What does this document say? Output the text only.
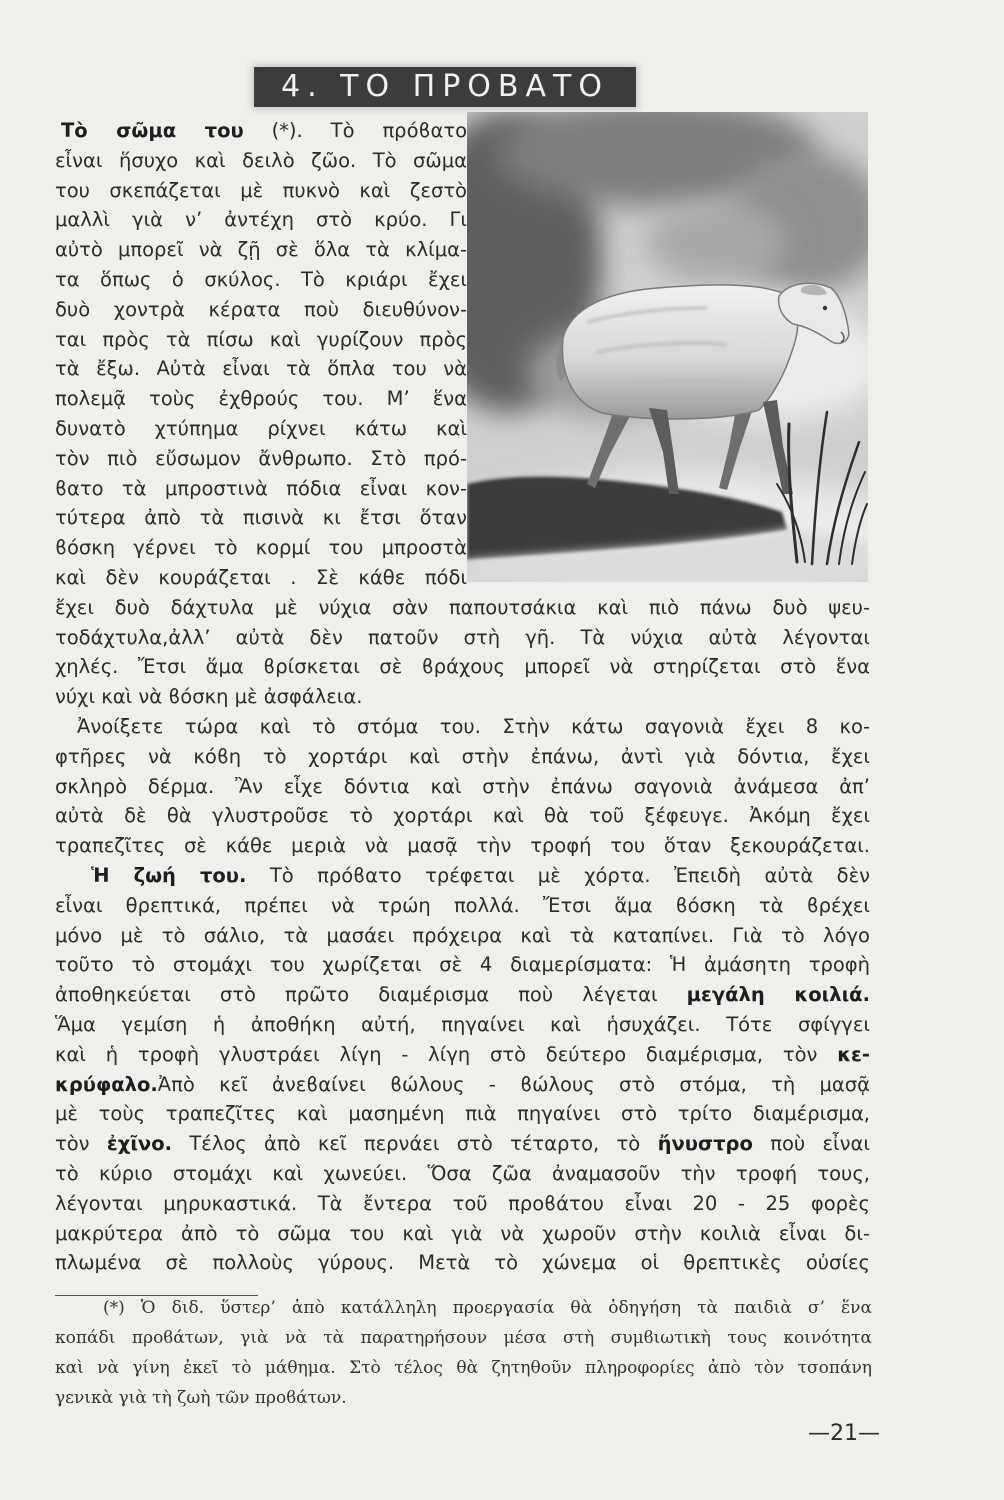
4. ΤΟ ΠΡΟΒΑΤΟ
Τὸ σῶμα του (*). Τὸ πρόϐατο
εἶναι ἥσυχο καὶ δειλὸ ζῶο. Τὸ σῶμα
του σκεπάζεται μὲ πυκνὸ καὶ ζεστὸ
μαλλὶ γιὰ ν’ ἀντέχη στὸ κρύο. Γι
αὐτὸ μπορεῖ νὰ ζῇ σὲ ὅλα τὰ κλίμα-
τα ὅπως ὁ σκύλος. Τὸ κριάρι ἔχει
δυὸ χοντρὰ κέρατα ποὺ διευθύνον-
ται πρὸς τὰ πίσω καὶ γυρίζουν πρὸς
τὰ ἔξω. Αὐτὰ εἶναι τὰ ὅπλα του νὰ
πολεμᾷ τοὺς ἐχθρούς του. Μ’ ἕνα
δυνατὸ χτύπημα ρίχνει κάτω καὶ
τὸν πιὸ εὔσωμον ἄνθρωπο. Στὸ πρό-
ϐατο τὰ μπροστινὰ πόδια εἶναι κον-
τύτερα ἀπὸ τὰ πισινὰ κι ἔτσι ὅταν
ϐόσκη γέρνει τὸ κορμί του μπροστὰ
καὶ δὲν κουράζεται . Σὲ κάθε πόδι
ἔχει δυὸ δάχτυλα μὲ νύχια σὰν παπουτσάκια καὶ πιὸ πάνω δυὸ ψευ-
τοδάχτυλα,ἀλλ’ αὐτὰ δὲν πατοῦν στὴ γῆ. Τὰ νύχια αὐτὰ λέγονται
χηλές. Ἔτσι ἅμα ϐρίσκεται σὲ ϐράχους μπορεῖ νὰ στηρίζεται στὸ ἕνα
νύχι καὶ νὰ ϐόσκη μὲ ἀσφάλεια.
Ἀνοίξετε τώρα καὶ τὸ στόμα του. Στὴν κάτω σαγονιὰ ἔχει 8 κο-
φτῆρες νὰ κόϐη τὸ χορτάρι καὶ στὴν ἐπάνω, ἀντὶ γιὰ δόντια, ἔχει
σκληρὸ δέρμα. Ἂν εἶχε δόντια καὶ στὴν ἐπάνω σαγονιὰ ἀνάμεσα ἀπ’
αὐτὰ δὲ θὰ γλυστροῦσε τὸ χορτάρι καὶ θὰ τοῦ ξέφευγε. Ἀκόμη ἔχει
τραπεζῖτες σὲ κάθε μεριὰ νὰ μασᾷ τὴν τροφή του ὅταν ξεκουράζεται.
Ἡ ζωή του. Τὸ πρόϐατο τρέφεται μὲ χόρτα. Ἐπειδὴ αὐτὰ δὲν
εἶναι θρεπτικά, πρέπει νὰ τρώη πολλά. Ἔτσι ἅμα ϐόσκη τὰ ϐρέχει
μόνο μὲ τὸ σάλιο, τὰ μασάει πρόχειρα καὶ τὰ καταπίνει. Γιὰ τὸ λόγο
τοῦτο τὸ στομάχι του χωρίζεται σὲ 4 διαμερίσματα: Ἡ ἀμάσητη τροφὴ
ἀποθηκεύεται στὸ πρῶτο διαμέρισμα ποὺ λέγεται μεγάλη κοιλιά.
Ἅμα γεμίση ἡ ἀποθήκη αὐτή, πηγαίνει καὶ ἡσυχάζει. Τότε σφίγγει
καὶ ἡ τροφὴ γλυστράει λίγη - λίγη στὸ δεύτερο διαμέρισμα, τὸν κε-
κρύφαλο.Ἀπὸ κεῖ ἀνεϐαίνει ϐώλους - ϐώλους στὸ στόμα, τὴ μασᾷ
μὲ τοὺς τραπεζῖτες καὶ μασημένη πιὰ πηγαίνει στὸ τρίτο διαμέρισμα,
τὸν ἐχῖνο. Τέλος ἀπὸ κεῖ περνάει στὸ τέταρτο, τὸ ἤνυστρο ποὺ εἶναι
τὸ κύριο στομάχι καὶ χωνεύει. Ὅσα ζῶα ἀναμασοῦν τὴν τροφή τους,
λέγονται μηρυκαστικά. Τὰ ἔντερα τοῦ προϐάτου εἶναι 20 - 25 φορὲς
μακρύτερα ἀπὸ τὸ σῶμα του καὶ γιὰ νὰ χωροῦν στὴν κοιλιὰ εἶναι δι-
πλωμένα σὲ πολλοὺς γύρους. Μετὰ τὸ χώνεμα οἱ θρεπτικὲς οὐσίες
(*) Ὁ διδ. ὕστερ’ ἀπὸ κατάλληλη προεργασία θὰ ὁδηγήση τὰ παιδιὰ σ’ ἕνα
κοπάδι προϐάτων, γιὰ νὰ τὰ παρατηρήσουν μέσα στὴ συμϐιωτικὴ τους κοινότητα
καὶ νὰ γίνη ἐκεῖ τὸ μάθημα. Στὸ τέλος θὰ ζητηθοῦν πληροφορίες ἀπὸ τὸν τσοπάνη
γενικὰ γιὰ τὴ ζωὴ τῶν προϐάτων.
—21—
